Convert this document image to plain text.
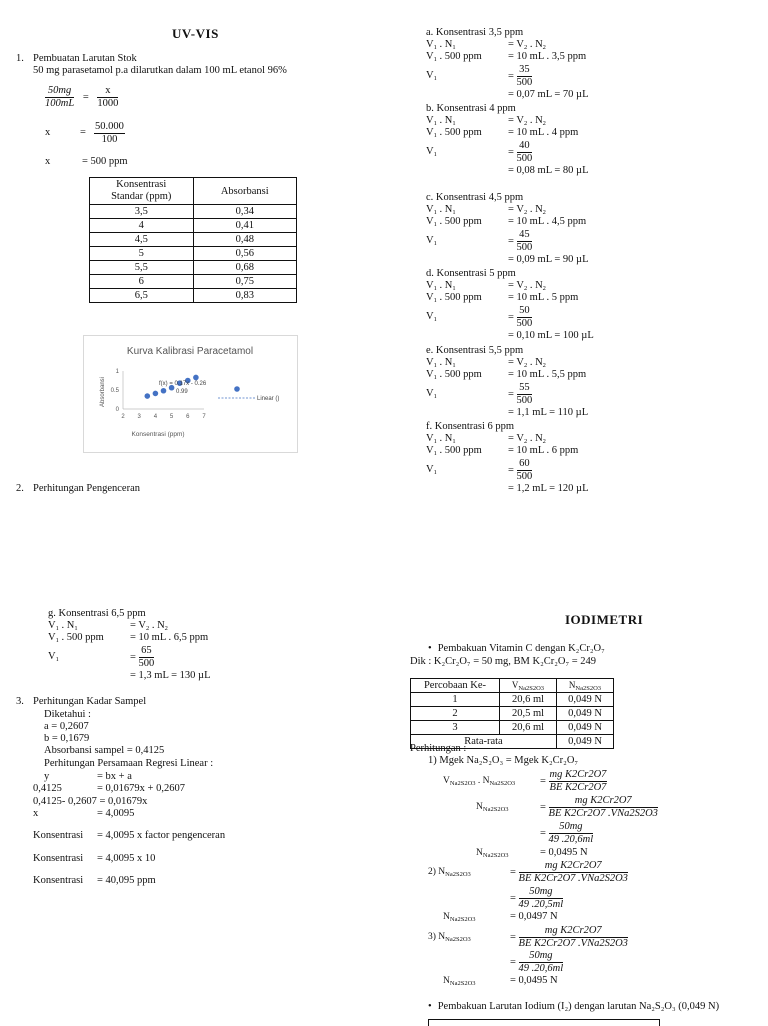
UV-VIS
1. Pembuatan Larutan Stok
50 mg parasetamol p.a dilarutkan dalam 100 mL etanol 96%
$\frac{50mg}{100mL} = \frac{x}{1000}$
x	= $\frac{50.000}{100}$
x	= 500 ppm
Konsentrasi Standar (ppm)	Absorbansi
3,5	0,34
4	0,41
4,5	0,48
5	0,56
5,5	0,68
6	0,75
6,5	0,83
Kurva Kalibrasi Paracetamol
Absorbansi
Konsentrasi (ppm)
2 3 4 5 6 7
0
0.5
1
f(x) = 0.17x - 0.26
0.99
Linear ()
2. Perhitungan Pengenceran
g. Konsentrasi 6,5 ppm
$V_1$ . $N_1$	= $V_2$ . $N_2$
$V_1$ . 500 ppm = 10 mL . 6,5 ppm
$V_1$	= $\frac{65}{500}$
= 1,3 mL = 130 µL
3. Perhitungan Kadar Sampel
Diketahui :
a = 0,2607
b = 0,1679
Absorbansi sampel = 0,4125
Perhitungan Persamaan Regresi Linear :
y	= bx + a
0,4125	= 0,01679x + 0,2607
0,4125- 0,2607 = 0,01679x
x	= 4,0095
Konsentrasi = 4,0095 x factor pengenceran
Konsentrasi = 4,0095 x 10
Konsentrasi = 40,095 ppm
a. Konsentrasi 3,5 ppm
$V_1$ . $N_1$	= $V_2$ . $N_2$
$V_1$ . 500 ppm = 10 mL . 3,5 ppm
$V_1$	= $\frac{35}{500}$
= 0,07 mL = 70 µL
b. Konsentrasi 4 ppm
$V_1$ . $N_1$	= $V_2$ . $N_2$
$V_1$ . 500 ppm = 10 mL . 4 ppm
$V_1$	= $\frac{40}{500}$
= 0,08 mL = 80 µL
c. Konsentrasi 4,5 ppm
$V_1$ . $N_1$	= $V_2$ . $N_2$
$V_1$ . 500 ppm = 10 mL . 4,5 ppm
$V_1$	= $\frac{45}{500}$
= 0,09 mL = 90 µL
d. Konsentrasi 5 ppm
$V_1$ . $N_1$	= $V_2$ . $N_2$
$V_1$ . 500 ppm = 10 mL . 5 ppm
$V_1$	= $\frac{50}{500}$
= 0,10 mL = 100 µL
e. Konsentrasi 5,5 ppm
$V_1$ . $N_1$	= $V_2$ . $N_2$
$V_1$ . 500 ppm = 10 mL . 5,5 ppm
$V_1$	= $\frac{55}{500}$
= 1,1 mL = 110 µL
f. Konsentrasi 6 ppm
$V_1$ . $N_1$	= $V_2$ . $N_2$
$V_1$ . 500 ppm = 10 mL . 6 ppm
$V_1$	= $\frac{60}{500}$
= 1,2 mL = 120 µL
IODIMETRI
• Pembakuan Vitamin C dengan K₂Cr₂O₇
Dik : K₂Cr₂O₇ = 50 mg, BM K₂Cr₂O₇ = 249
Percobaan Ke-	$V_{Na2S2O3}$	$N_{Na2S2O3}$
1	20,6 ml	0,049 N
2	20,5 ml	0,049 N
3	20,6 ml	0,049 N
Rata-rata		0,049 N
Perhitungan :
1) Mgek Na₂S₂O₃ = Mgek K₂Cr₂O₇
$V_{Na2S2O3}$ . $N_{Na2S2O3} = \frac{\text{mg K2Cr2O7}}{\text{BE K2Cr2O7}}$
$N_{Na2S2O3}$	= $\frac{\text{mg K2Cr2O7}}{\text{BE K2Cr2O7 .VNa2S2O3}}$
= $\frac{50mg}{49 .20,6ml}$
$N_{Na2S2O3}$	= 0,0495 N
2) $N_{Na2S2O3}$	= $\frac{\text{mg K2Cr2O7}}{\text{BE K2Cr2O7 .VNa2S2O3}}$
= $\frac{50mg}{49 .20,5ml}$
$N_{Na2S2O3}$	= 0,0497 N
3) $N_{Na2S2O3}$	= $\frac{\text{mg K2Cr2O7}}{\text{BE K2Cr2O7 .VNa2S2O3}}$
= $\frac{50mg}{49 .20,6ml}$
$N_{Na2S2O3}$	= 0,0495 N
• Pembakuan Larutan Iodium (I₂) dengan larutan Na₂S₂O₃ (0,049 N)
